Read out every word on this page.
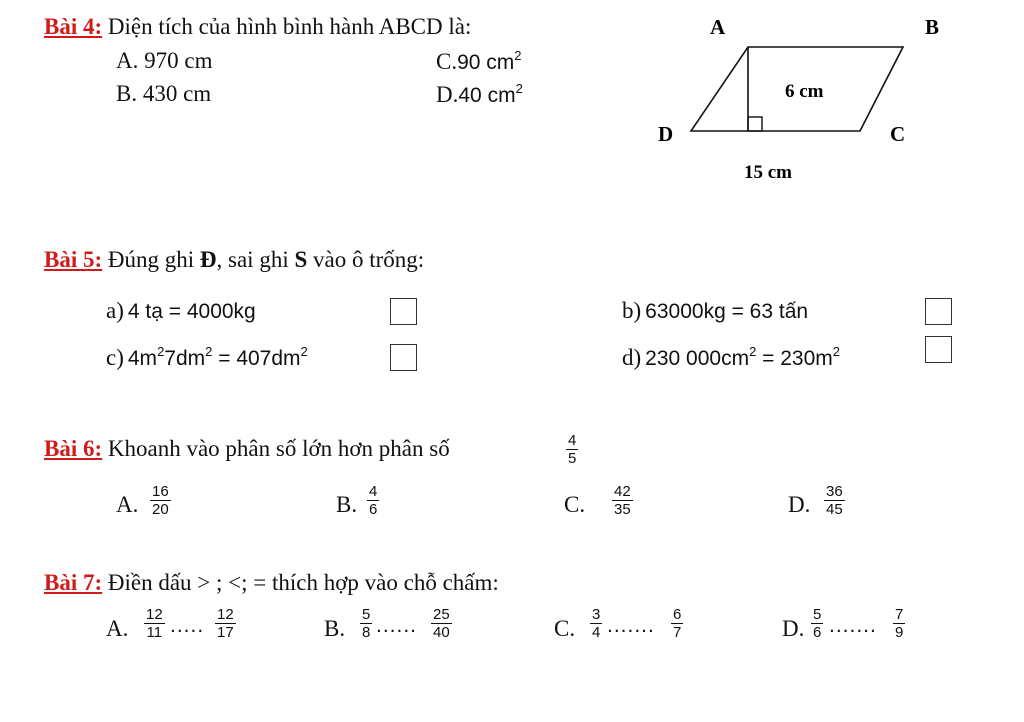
Bài 4: Diện tích của hình bình hành ABCD là:
A. 970 cm
B. 430 cm
C.90 $cm^2$
D.40 $cm^2$
A	B
C
D
6 cm
15 cm
Bài 5: Đúng ghi Đ, sai ghi S vào ô trống:
a) 4 tạ = 4000kg	b) 63000kg = 63 tấn
c) $4m^27dm^2 = 407dm^2$	d) 230 $000cm^2 = 230m^2$
Bài 6: Khoanh vào phân số lớn hơn phân số	$\frac{4}{5}$
A. $\frac{16}{20}$	B. $\frac{4}{6}$	C. $\frac{42}{35}$	D. $\frac{36}{45}$
Bài 7: Điền dấu > ; <; = thích hợp vào chỗ chấm:
A. $\frac{12}{11}$ ..... $\frac{12}{17}$	B. $\frac{5}{8}$ ...... $\frac{25}{40}$	C. $\frac{3}{4}$ ....... $\frac{6}{7}$	D. $\frac{5}{6}$ ....... $\frac{7}{9}$
